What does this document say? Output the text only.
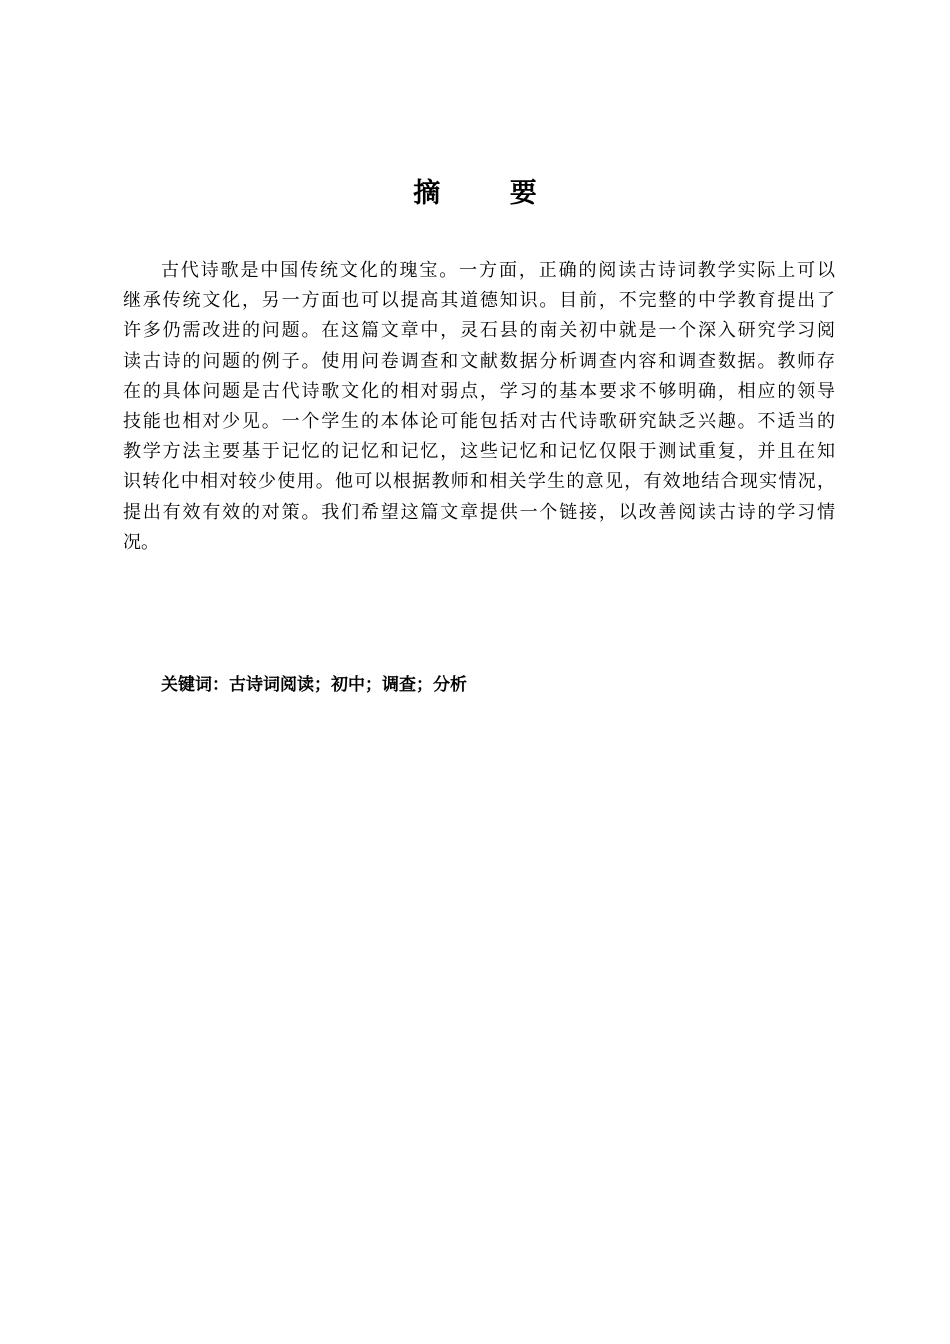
摘 要
古代诗歌是中国传统文化的瑰宝。一方面，正确的阅读古诗词教学实际上可以
继承传统文化，另一方面也可以提高其道德知识。目前，不完整的中学教育提出了
许多仍需改进的问题。在这篇文章中，灵石县的南关初中就是一个深入研究学习阅
读古诗的问题的例子。使用问卷调查和文献数据分析调查内容和调查数据。教师存
在的具体问题是古代诗歌文化的相对弱点，学习的基本要求不够明确，相应的领导
技能也相对少见。一个学生的本体论可能包括对古代诗歌研究缺乏兴趣。不适当的
教学方法主要基于记忆的记忆和记忆，这些记忆和记忆仅限于测试重复，并且在知
识转化中相对较少使用。他可以根据教师和相关学生的意见，有效地结合现实情况，
提出有效有效的对策。我们希望这篇文章提供一个链接，以改善阅读古诗的学习情
况。
关键词：古诗词阅读；初中；调查；分析
